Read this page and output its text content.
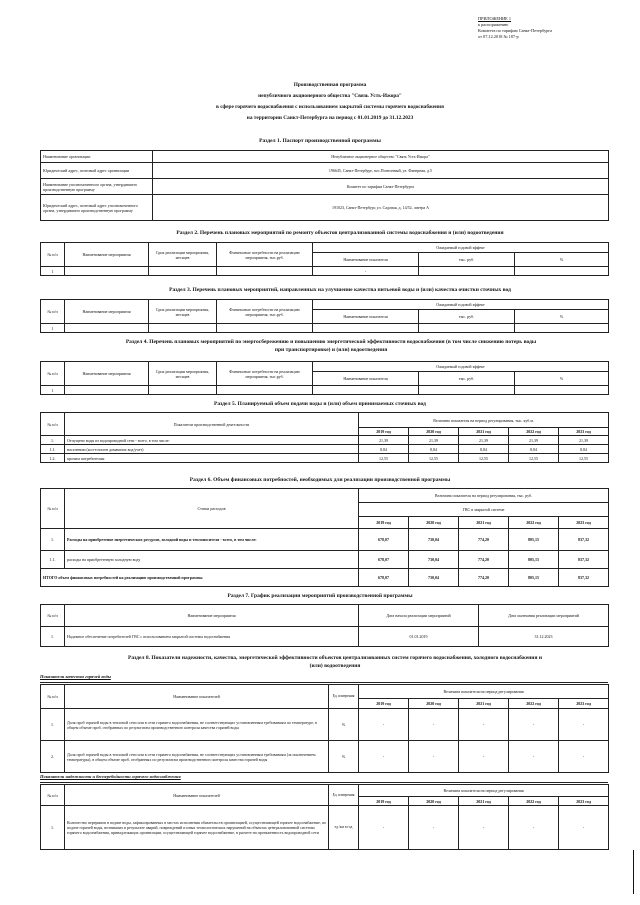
ПРИЛОЖЕНИЕ 1
к распоряжению
Комитета по тарифам Санкт-Петербурга
от 07.12.2018 № 187-р
Производственная программа
непубличного акционерного общества "Связь Усть-Ижора"
в сфере горячего водоснабжения с использованием закрытой системы горячего водоснабжения
на территории Санкт-Петербурга на период с 01.01.2019 до 31.12.2023
Раздел 1. Паспорт производственной программы
Наименование организации	Непубличное акционерное общество "Связь Усть-Ижора"
Юридический адрес, почтовый адрес организации	196645, Санкт-Петербург, пос.Понтонный, ул. Фанерная, д.5
Наименование уполномоченного органа, утвердившего производственную программу	Комитет по тарифам Санкт-Петербурга
Юридический адрес, почтовый адрес уполномоченного органа, утвердившего производственную программу	191023, Санкт-Петербург, ул. Садовая, д. 14/52, литера А
Раздел 2. Перечень плановых мероприятий по ремонту объектов централизованной системы водоснабжения и (или) водоотведения
№ п/п	Наименование мероприятия	Срок реализации мероприятия, месяцев	Финансовые потребности на реализацию мероприятия, тыс.руб.	Ожидаемый годовой эффект		
				Наименование показателя	тыс. руб.	%
1				-		
Раздел 3. Перечень плановых мероприятий, направленных на улучшение качества питьевой воды и (или) качества очистки сточных вод
№ п/п	Наименование мероприятия	Срок реализации мероприятия, месяцев	Финансовые потребности на реализацию мероприятия, тыс.руб.	Ожидаемый годовой эффект		
				Наименование показателя	тыс. руб.	%
1						
Раздел 4. Перечень плановых мероприятий по энергосбережению и повышению энергетической эффективности водоснабжения (в том числе снижению потерь воды
при транспортировке) и (или) водоотведения
№ п/п	Наименование мероприятия	Срок реализации мероприятия, месяцев	Финансовые потребности на реализацию мероприятия, тыс.руб.	Ожидаемый годовой эффект		
				Наименование показателя	тыс. руб.	%
1						
Раздел 5. Планируемый объем подачи воды и (или) объем принимаемых сточных вод
№ п/п	Показатели производственной деятельности	Величина показателя на период регулирования, тыс. куб.м.				
		2019 год	2020 год	2021 год	2022 год	2023 год
1.	Отпущено воды из водопроводной сети - всего, в том числе:	21,39	21,39	21,39	21,39	21,39
1.1.	населению (кол-тотален домашних вод/учет)	8,84	8,84	8,84	8,84	8,84
1.2.	прочим потребителям	12,55	12,55	12,55	12,55	12,55
Раздел 6. Объем финансовых потребностей, необходимых для реализации производственной программы
№ п/п	Статьи расходов	Величина показателя на период регулирования, тыс. руб.				
		ГВС в закрытой системе				
		2019 год	2020 год	2021 год	2022 год	2023 год
1.	Расходы на приобретение энергетических ресурсов, холодной воды и теплоносителя - всего, в том числе:	678,07	730,04	774,20	805,15	837,32
1.1.	расходы на приобретенную холодную воду	678,07	730,04	774,20	805,15	837,32
ИТОГО объем финансовых потребностей на реализацию производственной программы		678,07	730,04	774,20	805,15	837,32
Раздел 7. График реализации мероприятий производственной программы
№ п/п	Наименование мероприятия	Дата начала реализации мероприятий	Дата окончания реализации мероприятий
1.	Надежное обеспечение потребителей ГВС с использованием закрытой системы водоснабжения	01.01.2019	31.12.2023
Раздел 8. Показатели надежности, качества, энергетической эффективности объектов централизованных систем горячего водоснабжения, холодного водоснабжения и
(или) водоотведения
Показатели качества горячей воды
№ п/п	Наименование показателей	Ед. измерения	Величина показателя на период регулирования				
			2019 год	2020 год	2021 год	2022 год	2023 год
1.	Доля проб горячей воды в тепловой сети или в сети горячего водоснабжения, не соответствующих установленным требованиям по температуре, в общем объеме проб, отобранных по результатам производственного контроля качества горячей воды	%	-	-	-	-	-
2.	Доля проб горячей воды в тепловой сети или в сети горячего водоснабжения, не соответствующих установленным требованиям (за исключением температуры), в общем объеме проб, отобранных по результатам производственного контроля качества горячей воды	%	-	-	-	-	-
Показатели надежности и бесперебойности горячего водоснабжения
№ п/п	Наименование показателей	Ед. измерения	Величина показателя на период регулирования				
			2019 год	2020 год	2021 год	2022 год	2023 год
1.	Количество перерывов в подаче воды, зафиксированных в местах исполнения обязательств организацией, осуществляющей горячее водоснабжение, по подаче горячей воды, возникших в результате аварий, повреждений и иных технологических нарушений на объектах централизованной системы горячего водоснабжения, принадлежащих организации, осуществляющей горячее водоснабжение, в расчете на протяженность водопроводной сети	ед./км в год	-	-	-	-	-
